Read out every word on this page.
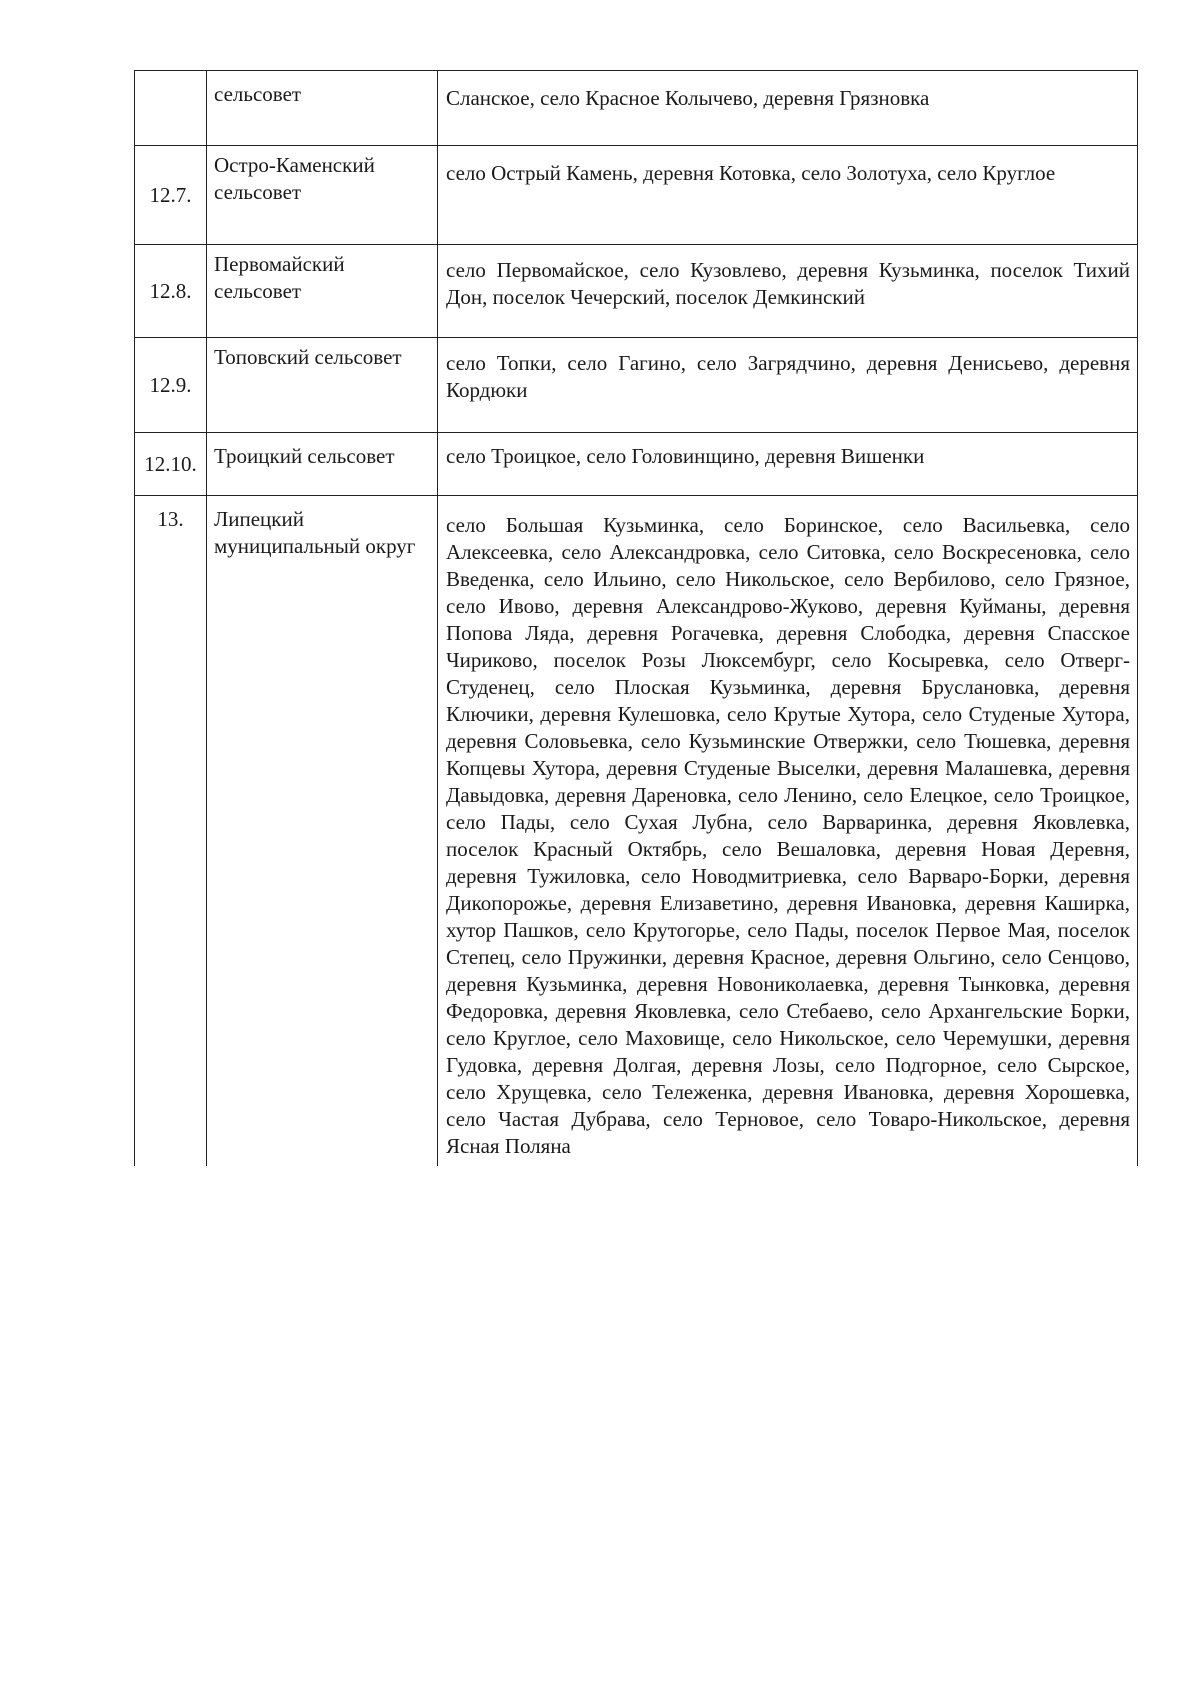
	сельсовет	Сланское, село Красное Колычево, деревня Грязновка
12.7.	Остро-Каменский сельсовет	село Острый Камень, деревня Котовка, село Золотуха, село Круглое
12.8.	Первомайский сельсовет	село Первомайское, село Кузовлево, деревня Кузьминка, поселок Тихий Дон, поселок Чечерский, поселок Демкинский
12.9.	Топовский сельсовет	село Топки, село Гагино, село Загрядчино, деревня Денисьево, деревня Кордюки
12.10.	Троицкий сельсовет	село Троицкое, село Головинщино, деревня Вишенки
13.	Липецкий муниципальный округ	село Большая Кузьминка, село Боринское, село Васильевка, село Алексеевка, село Александровка, село Ситовка, село Воскресеновка, село Введенка, село Ильино, село Никольское, село Вербилово, село Грязное, село Ивово, деревня Александрово-Жуково, деревня Куйманы, деревня Попова Ляда, деревня Рогачевка, деревня Слободка, деревня Спасское Чириково, поселок Розы Люксембург, село Косыревка, село Отверг-Студенец, село Плоская Кузьминка, деревня Бруслановка, деревня Ключики, деревня Кулешовка, село Крутые Хутора, село Студеные Хутора, деревня Соловьевка, село Кузьминские Отвержки, село Тюшевка, деревня Копцевы Хутора, деревня Студеные Выселки, деревня Малашевка, деревня Давыдовка, деревня Дареновка, село Ленино, село Елецкое, село Троицкое, село Пады, село Сухая Лубна, село Варваринка, деревня Яковлевка, поселок Красный Октябрь, село Вешаловка, деревня Новая Деревня, деревня Тужиловка, село Новодмитриевка, село Варваро-Борки, деревня Дикопорожье, деревня Елизаветино, деревня Ивановка, деревня Каширка, хутор Пашков, село Крутогорье, село Пады, поселок Первое Мая, поселок Степец, село Пружинки, деревня Красное, деревня Ольгино, село Сенцово, деревня Кузьминка, деревня Новониколаевка, деревня Тынковка, деревня Федоровка, деревня Яковлевка, село Стебаево, село Архангельские Борки, село Круглое, село Маховище, село Никольское, село Черемушки, деревня Гудовка, деревня Долгая, деревня Лозы, село Подгорное, село Сырское, село Хрущевка, село Тележенка, деревня Ивановка, деревня Хорошевка, село Частая Дубрава, село Терновое, село Товаро-Никольское, деревня Ясная Поляна
